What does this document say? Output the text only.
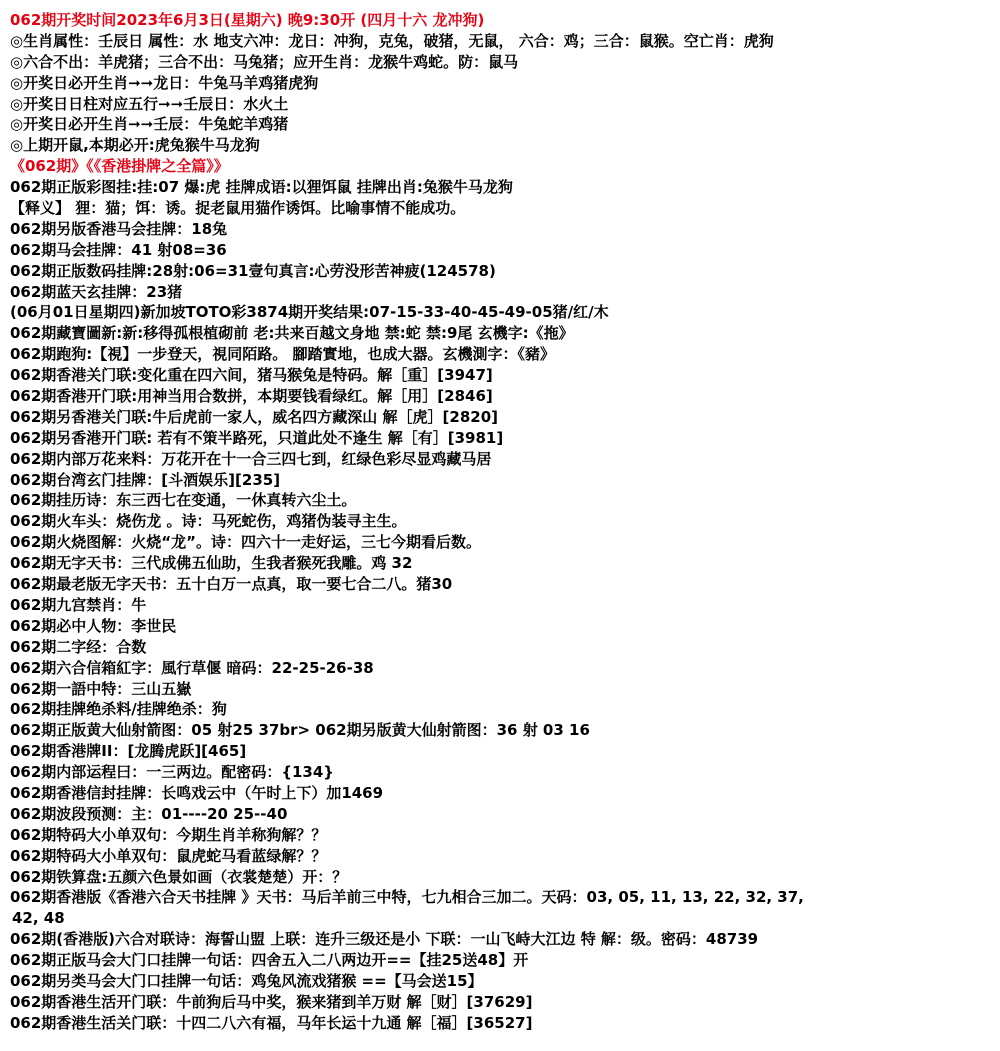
062期开奖时间2023年6月3日(星期六) 晚9:30开 (四月十六 龙冲狗)
◎生肖属性：壬辰日 属性：水 地支六冲：龙日：冲狗，克兔，破猪，无鼠， 六合：鸡；三合：鼠猴。空亡肖：虎狗
◎六合不出：羊虎猪；三合不出：马兔猪；应开生肖：龙猴牛鸡蛇。防：鼠马
◎开奖日必开生肖➞➞龙日：牛兔马羊鸡猪虎狗
◎开奖日日柱对应五行➞➞壬辰日：水火土
◎开奖日必开生肖➞➞壬辰：牛兔蛇羊鸡猪
◎上期开鼠,本期必开:虎兔猴牛马龙狗
《062期》《《香港掛牌之全篇》》
062期正版彩图挂:挂:07 爆:虎 挂牌成语:以狸饵鼠 挂牌出肖:兔猴牛马龙狗
【释义】 狸：猫；饵：诱。捉老鼠用猫作诱饵。比喻事情不能成功。
062期另版香港马会挂牌：18兔
062期马会挂牌：41 射08=36
062期正版数码挂牌:28射:06=31壹句真言:心劳没形苦神疲(124578)
062期蓝天玄挂牌：23猪
(06月01日星期四)新加坡TOTO彩3874期开奖结果:07-15-33-40-45-49-05猪/红/木
062期藏寶圖新:新:移得孤根植砌前 老:共来百越文身地 禁:蛇 禁:9尾 玄機字:《拖》
062期跑狗:【視】一步登天，視同陌路。 腳踏實地，也成大器。玄機測字：《豬》
062期香港关门联:变化重在四六间，猪马猴兔是特码。解［重］[3947]
062期香港开门联:用神当用合数拼，本期要钱看绿红。解［用］[2846]
062期另香港关门联:牛后虎前一家人，威名四方藏深山 解［虎］[2820]
062期另香港开门联: 若有不策半路死，只道此处不逢生 解［有］[3981]
062期内部万花来料：万花开在十一合三四七到，红绿色彩尽显鸡藏马居
062期台湾玄门挂牌：[斗酒娱乐][235]
062期挂历诗：东三西七在变通，一休真转六尘土。
062期火车头：烧伤龙 。诗：马死蛇伤，鸡猪伪装寻主生。
062期火烧图解：火烧“龙”。诗：四六十一走好运，三七今期看后数。
062期无字天书：三代成佛五仙助，生我者猴死我雕。鸡 32
062期最老版无字天书：五十白万一点真，取一要七合二八。猪30
062期九宫禁肖：牛
062期必中人物：李世民
062期二字经：合数
062期六合信箱紅字：風行草偃 暗码：22-25-26-38
062期一語中特：三山五嶽
062期挂牌绝杀料/挂牌绝杀：狗
062期正版黄大仙射箭图：05 射25 37br> 062期另版黄大仙射箭图：36 射 03 16
062期香港牌II：[龙腾虎跃][465]
062期内部运程曰：一三两边。配密码：{134}
062期香港信封挂牌：长鸣戏云中（午时上下）加1469
062期波段预测：主：01----20 25--40
062期特码大小单双句：今期生肖羊称狗解？？
062期特码大小单双句：鼠虎蛇马看蓝绿解？？
062期铁算盘:五颜六色景如画（衣裳楚楚）开：？
062期香港版《香港六合天书挂牌 》天书：马后羊前三中特，七九相合三加二。天码：03, 05, 11, 13, 22, 32, 37,
42, 48
062期(香港版)六合对联诗：海誓山盟 上联：连升三级还是小 下联：一山飞峙大江边 特 解：级。密码：48739
062期正版马会大门口挂牌一句话：四舍五入二八两边开==【挂25送48】开
062期另类马会大门口挂牌一句话：鸡兔风流戏猪猴 ==【马会送15】
062期香港生活开门联：牛前狗后马中奖，猴来猪到羊万财 解［财］[37629]
062期香港生活关门联：十四二八六有福，马年长运十九通 解［福］[36527]
